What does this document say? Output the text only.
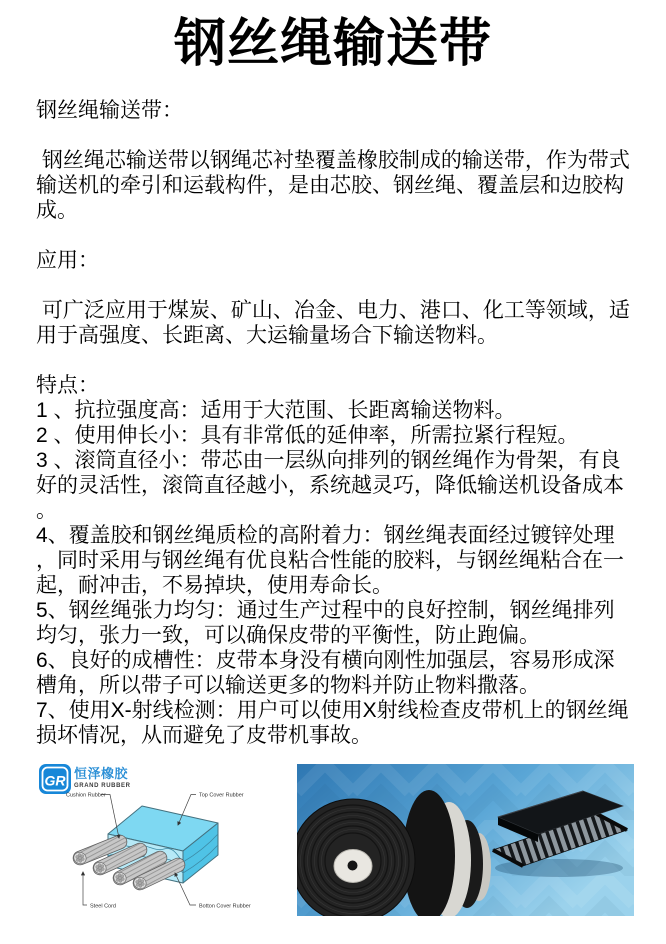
钢丝绳输送带

钢丝绳输送带：

钢丝绳芯输送带以钢绳芯衬垫覆盖橡胶制成的输送带，作为带式输送机的牵引和运载构件，是由芯胶、钢丝绳、覆盖层和边胶构成。

应用：

可广泛应用于煤炭、矿山、冶金、电力、港口、化工等领域，适用于高强度、长距离、大运输量场合下输送物料。

特点：

1 、抗拉强度高：适用于大范围、长距离输送物料。

2 、使用伸长小：具有非常低的延伸率，所需拉紧行程短。

3 、滚筒直径小：带芯由一层纵向排列的钢丝绳作为骨架，有良好的灵活性，滚筒直径越小，系统越灵巧，降低输送机设备成本。

4、覆盖胶和钢丝绳质检的高附着力：钢丝绳表面经过镀锌处理，同时采用与钢丝绳有优良粘合性能的胶料，与钢丝绳粘合在一起，耐冲击，不易掉块，使用寿命长。

5、钢丝绳张力均匀：通过生产过程中的良好控制，钢丝绳排列均匀，张力一致，可以确保皮带的平衡性，防止跑偏。

6、良好的成槽性：皮带本身没有横向刚性加强层，容易形成深槽角，所以带子可以输送更多的物料并防止物料撒落。

7、使用X-射线检测：用户可以使用X射线检查皮带机上的钢丝绳损坏情况，从而避免了皮带机事故。

GR 恒泽橡胶
GRAND RUBBER
Cushion Rubber	Top Cover Rubber
Steel Cord	Botton Cover Rubber
